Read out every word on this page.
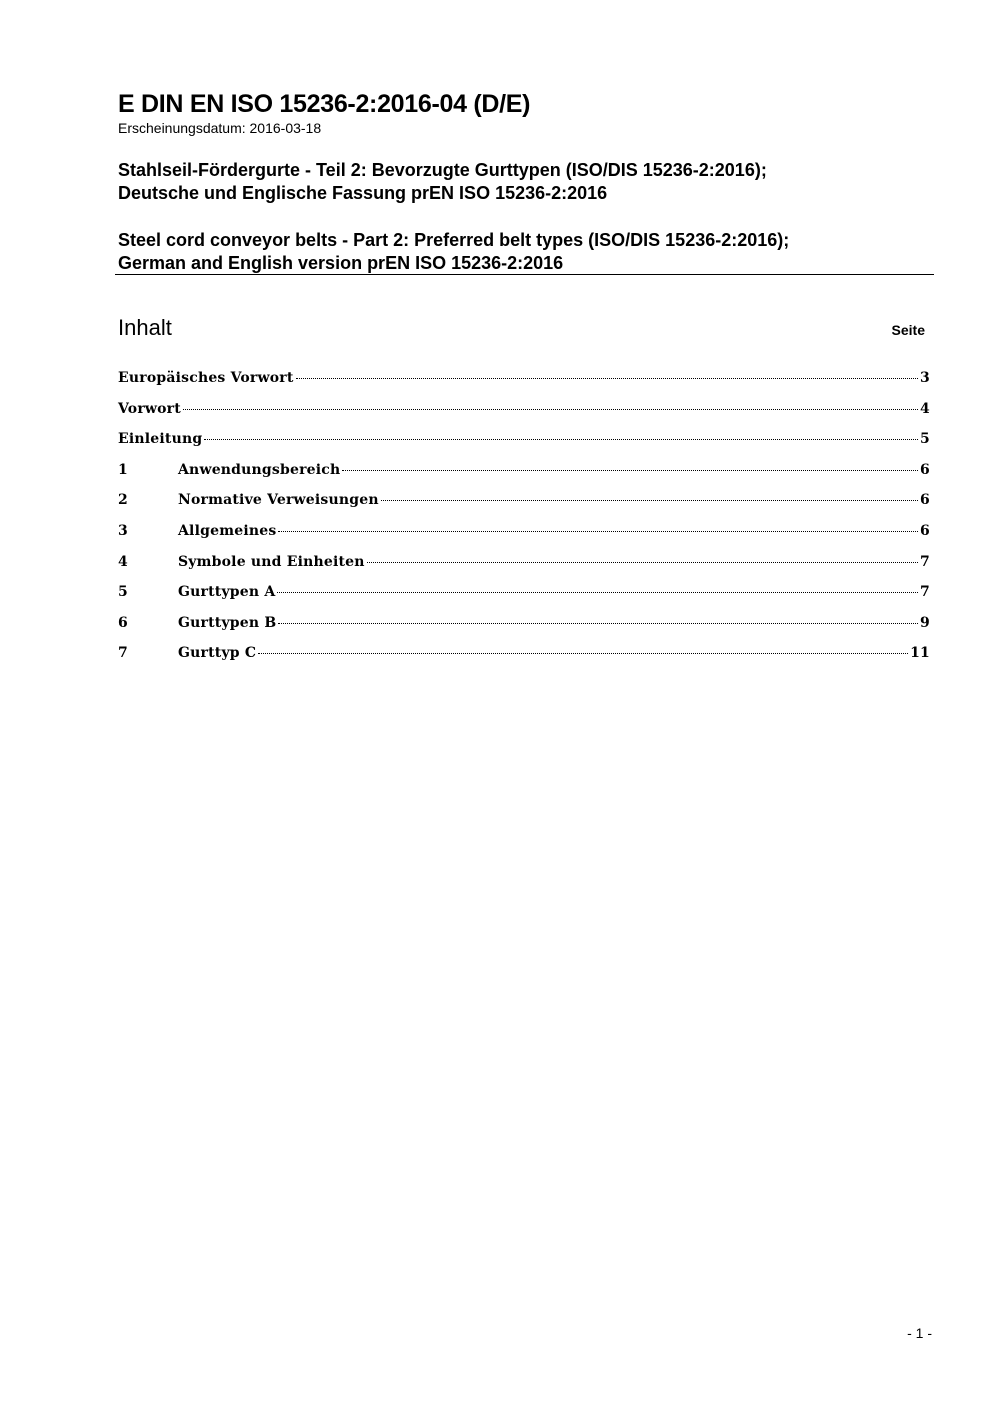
E DIN EN ISO 15236-2:2016-04 (D/E)

Erscheinungsdatum: 2016-03-18

Stahlseil-Fördergurte - Teil 2: Bevorzugte Gurttypen (ISO/DIS 15236-2:2016);
Deutsche und Englische Fassung prEN ISO 15236-2:2016
Steel cord conveyor belts - Part 2: Preferred belt types (ISO/DIS 15236-2:2016);
German and English version prEN ISO 15236-2:2016
Inhalt	Seite
Europäisches Vorwort	3
Vorwort	4
Einleitung	5
1	Anwendungsbereich	6
2	Normative Verweisungen	6
3	Allgemeines	6
4	Symbole und Einheiten	7
5	Gurttypen A	7
6	Gurttypen B	9
7	Gurttyp C	11
- 1 -
